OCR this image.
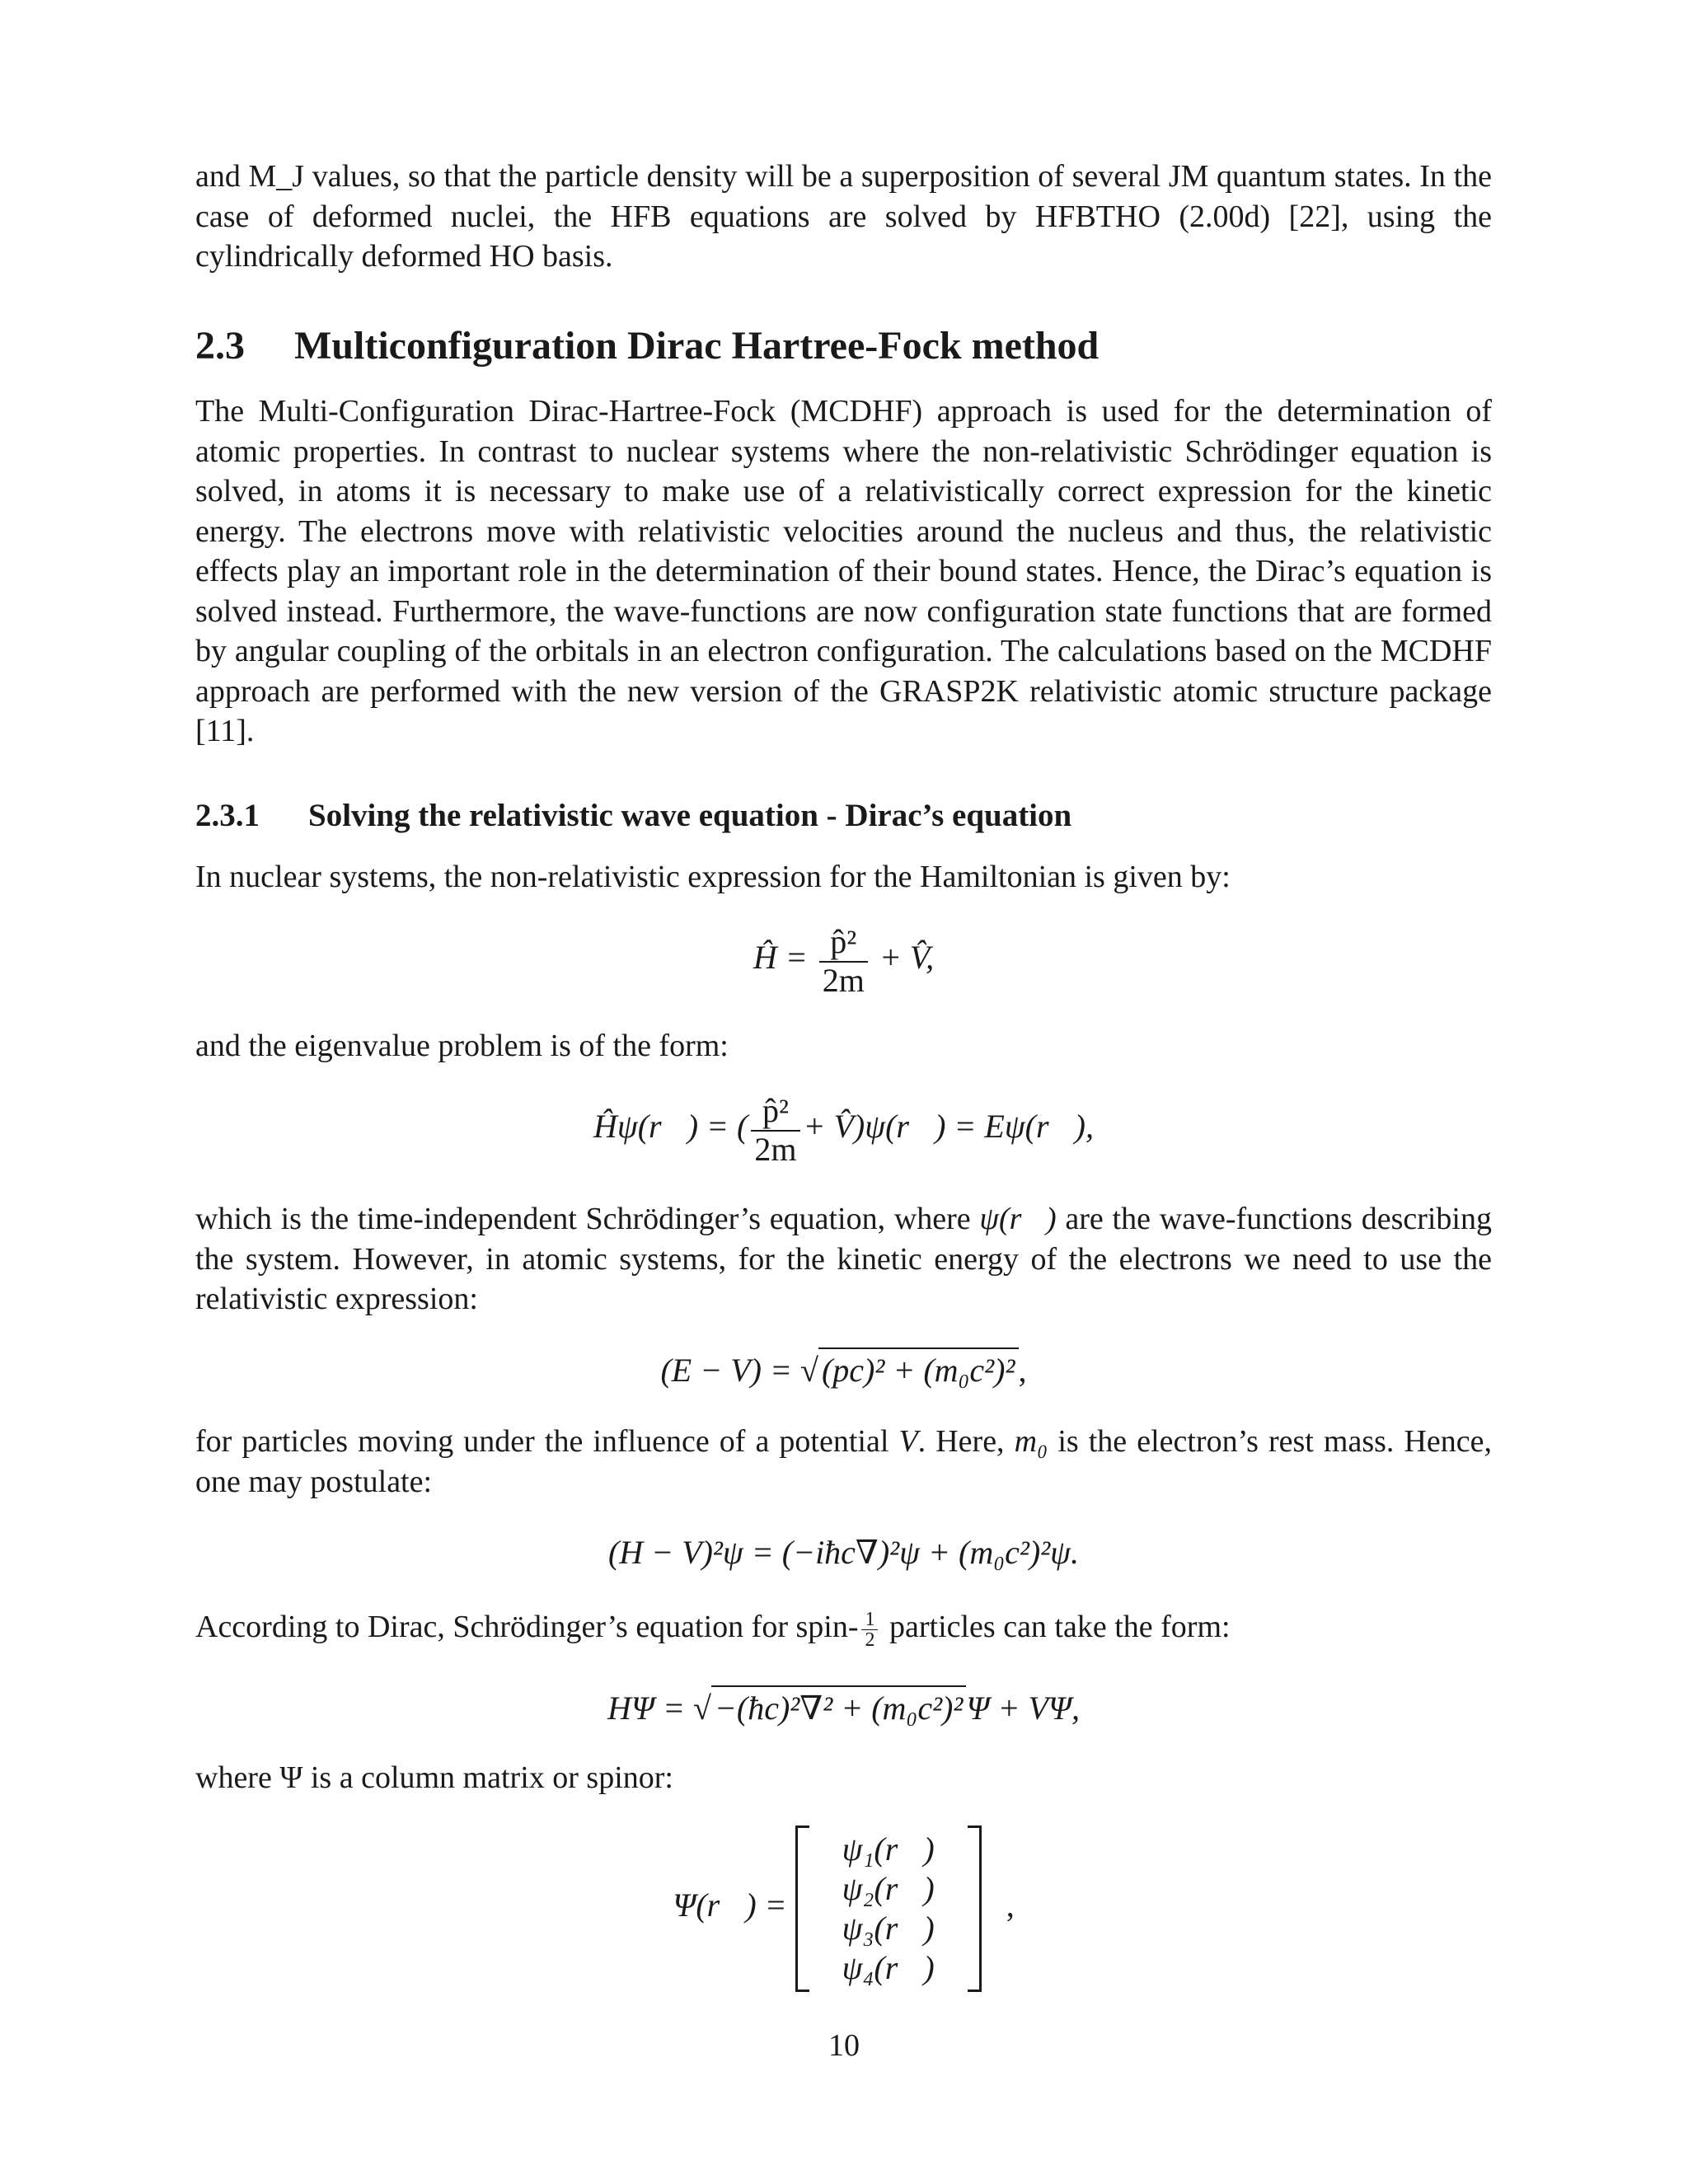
and M_J values, so that the particle density will be a superposition of several JM quantum states. In the case of deformed nuclei, the HFB equations are solved by HFBTHO (2.00d) [22], using the cylindrically deformed HO basis.

2.3 Multiconfiguration Dirac Hartree-Fock method

The Multi-Configuration Dirac-Hartree-Fock (MCDHF) approach is used for the determination of atomic properties. In contrast to nuclear systems where the non-relativistic Schrödinger equation is solved, in atoms it is necessary to make use of a relativistically correct expression for the kinetic energy. The electrons move with relativistic velocities around the nucleus and thus, the relativistic effects play an important role in the determination of their bound states. Hence, the Dirac’s equation is solved instead. Furthermore, the wave-functions are now configuration state functions that are formed by angular coupling of the orbitals in an electron configuration. The calculations based on the MCDHF approach are performed with the new version of the GRASP2K relativistic atomic structure package [11].

2.3.1 Solving the relativistic wave equation - Dirac’s equation

In nuclear systems, the non-relativistic expression for the Hamiltonian is given by:

Ĥ = $\frac{\text{p̂²}}{2m}$ + V̂,

and the eigenvalue problem is of the form:

Ĥψ(r⃗) = ( $\frac{\text{p̂²}}{2m}$ + V̂)ψ(r⃗) = Eψ(r⃗),

which is the time-independent Schrödinger’s equation, where ψ(r⃗) are the wave-functions describing the system. However, in atomic systems, for the kinetic energy of the electrons we need to use the relativistic expression:

(E − V) = √ (pc)² + (m₀c²)² ,

for particles moving under the influence of a potential V. Here, m₀ is the electron’s rest mass. Hence, one may postulate:

(H − V)²ψ = (−iħc∇)²ψ + (m₀c²)²ψ.

According to Dirac, Schrödinger’s equation for spin- $\frac{1}{2}$ particles can take the form:

HΨ = √ −(ħc)²∇² + (m₀c²)² Ψ + VΨ,

where Ψ is a column matrix or spinor:

Ψ(r⃗) =
ψ₁(r⃗)
ψ₂(r⃗)
ψ₃(r⃗)
ψ₄(r⃗)
,
10
